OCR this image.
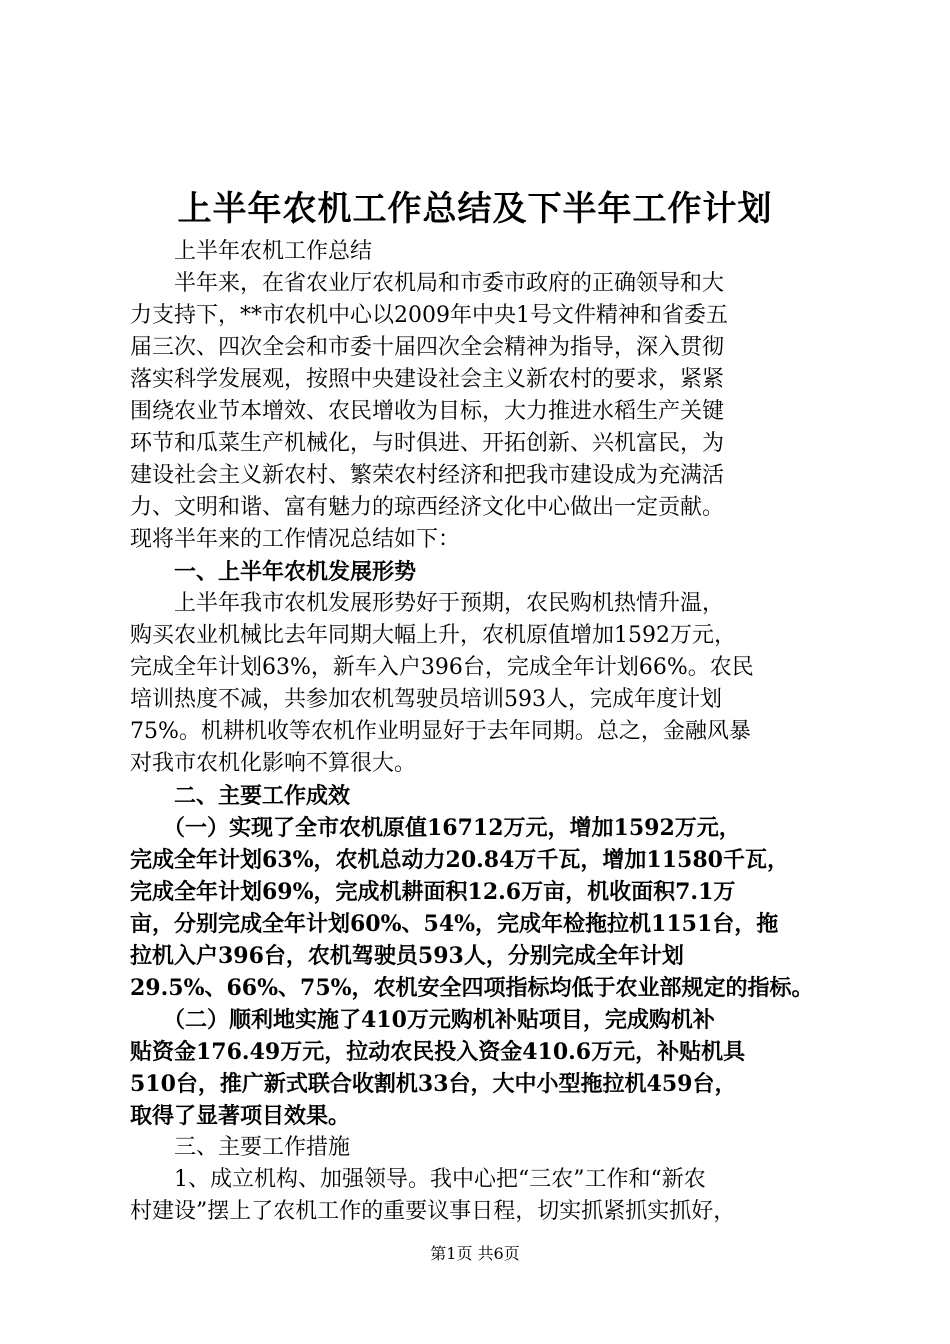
上半年农机工作总结及下半年工作计划
　　上半年农机工作总结
　　半年来，在省农业厅农机局和市委市政府的正确领导和大
力支持下，**市农机中心以2009年中央1号文件精神和省委五
届三次、四次全会和市委十届四次全会精神为指导，深入贯彻
落实科学发展观，按照中央建设社会主义新农村的要求，紧紧
围绕农业节本增效、农民增收为目标，大力推进水稻生产关键
环节和瓜菜生产机械化，与时俱进、开拓创新、兴机富民，为
建设社会主义新农村、繁荣农村经济和把我市建设成为充满活
力、文明和谐、富有魅力的琼西经济文化中心做出一定贡献。
现将半年来的工作情况总结如下：
　　一、上半年农机发展形势
　　上半年我市农机发展形势好于预期，农民购机热情升温，
购买农业机械比去年同期大幅上升，农机原值增加1592万元，
完成全年计划63%，新车入户396台，完成全年计划66%。农民
培训热度不减，共参加农机驾驶员培训593人，完成年度计划
75%。机耕机收等农机作业明显好于去年同期。总之，金融风暴
对我市农机化影响不算很大。
　　二、主要工作成效
　　（一）实现了全市农机原值16712万元，增加1592万元，
完成全年计划63%，农机总动力20.84万千瓦，增加11580千瓦，
完成全年计划69%，完成机耕面积12.6万亩，机收面积7.1万
亩，分别完成全年计划60%、54%，完成年检拖拉机1151台，拖
拉机入户396台，农机驾驶员593人，分别完成全年计划
29.5%、66%、75%，农机安全四项指标均低于农业部规定的指标。
　　（二）顺利地实施了410万元购机补贴项目，完成购机补
贴资金176.49万元，拉动农民投入资金410.6万元，补贴机具
510台，推广新式联合收割机33台，大中小型拖拉机459台，
取得了显著项目效果。
　　三、主要工作措施
　　1、成立机构、加强领导。我中心把“三农”工作和“新农
村建设”摆上了农机工作的重要议事日程，切实抓紧抓实抓好，
第1页 共6页
